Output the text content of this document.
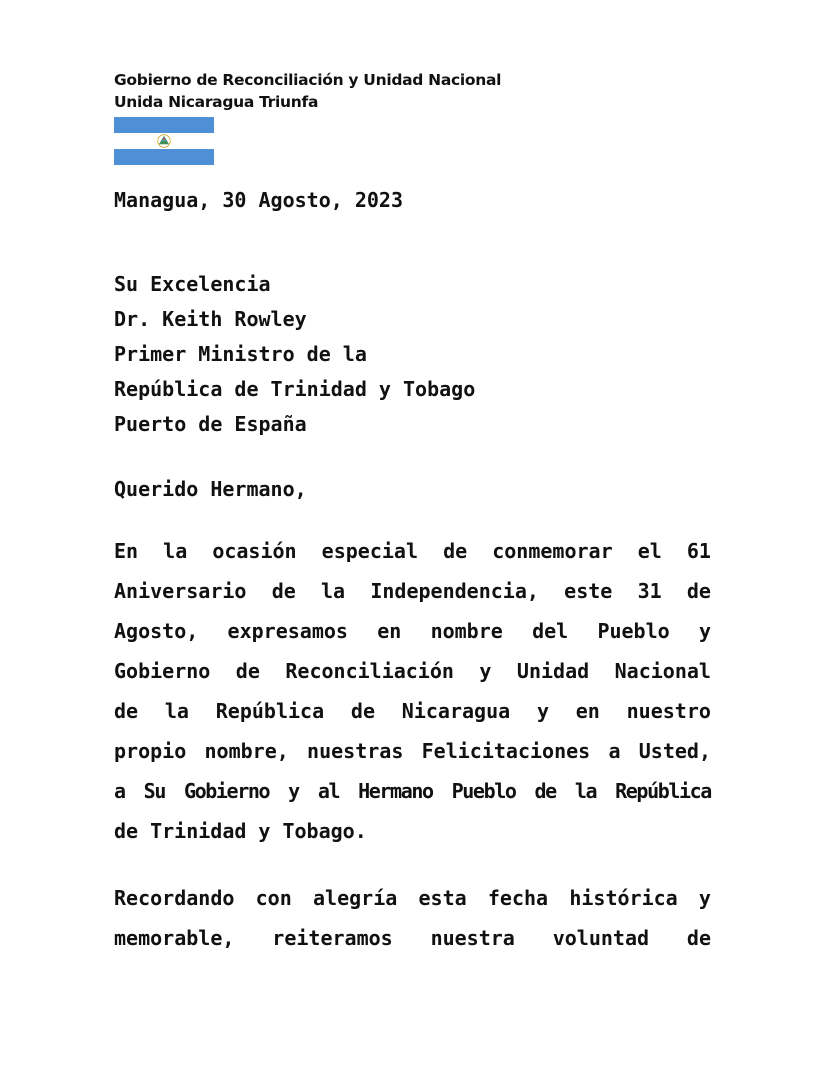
Gobierno de Reconciliación y Unidad Nacional
Unida Nicaragua Triunfa
Managua, 30 Agosto, 2023
Su Excelencia
Dr. Keith Rowley
Primer Ministro de la
República de Trinidad y Tobago
Puerto de España
Querido Hermano,
En la ocasión especial de conmemorar el 61
Aniversario de la Independencia, este 31 de
Agosto, expresamos en nombre del Pueblo y
Gobierno de Reconciliación y Unidad Nacional
de la República de Nicaragua y en nuestro
propio nombre, nuestras Felicitaciones a Usted,
a Su Gobierno y al Hermano Pueblo de la República
de Trinidad y Tobago.
Recordando con alegría esta fecha histórica y
memorable, reiteramos nuestra voluntad de
